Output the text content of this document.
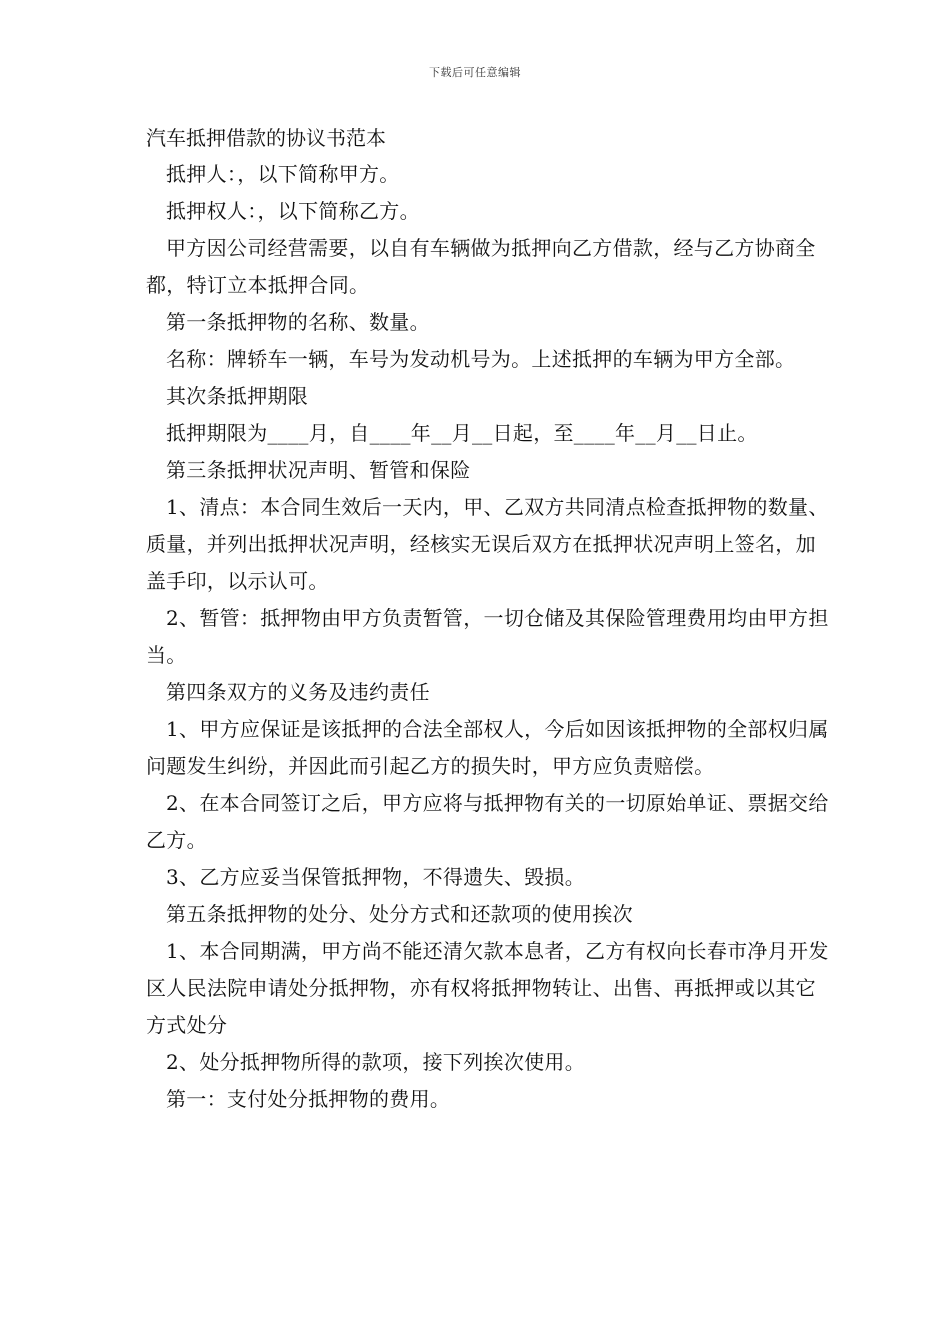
下载后可任意编辑
汽车抵押借款的协议书范本

抵押人：，以下简称甲方。

抵押权人：，以下简称乙方。

甲方因公司经营需要，以自有车辆做为抵押向乙方借款，经与乙方协商全都，特订立本抵押合同。

第一条抵押物的名称、数量。

名称：牌轿车一辆，车号为发动机号为。上述抵押的车辆为甲方全部。

其次条抵押期限

抵押期限为____月，自____年__月__日起，至____年__月__日止。

第三条抵押状况声明、暂管和保险

1、清点：本合同生效后一天内，甲、乙双方共同清点检查抵押物的数量、质量，并列出抵押状况声明，经核实无误后双方在抵押状况声明上签名，加盖手印，以示认可。

2、暂管：抵押物由甲方负责暂管，一切仓储及其保险管理费用均由甲方担当。

第四条双方的义务及违约责任

1、甲方应保证是该抵押的合法全部权人，今后如因该抵押物的全部权归属问题发生纠纷，并因此而引起乙方的损失时，甲方应负责赔偿。

2、在本合同签订之后，甲方应将与抵押物有关的一切原始单证、票据交给乙方。

3、乙方应妥当保管抵押物，不得遗失、毁损。

第五条抵押物的处分、处分方式和还款项的使用挨次

1、本合同期满，甲方尚不能还清欠款本息者，乙方有权向长春市净月开发区人民法院申请处分抵押物，亦有权将抵押物转让、出售、再抵押或以其它方式处分

2、处分抵押物所得的款项，接下列挨次使用。

第一：支付处分抵押物的费用。
